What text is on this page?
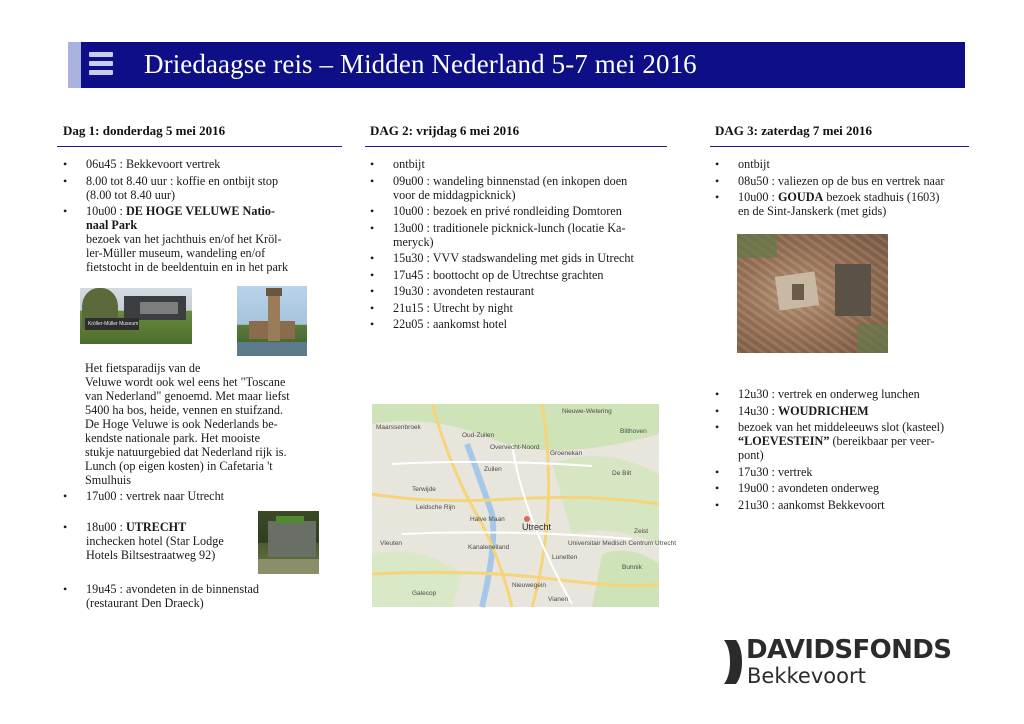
Driedaagse reis – Midden Nederland 5-7 mei 2016
Dag 1: donderdag 5 mei 2016	DAG 2: vrijdag 6 mei 2016	DAG 3: zaterdag 7 mei 2016
• 06u45 : Bekkevoort vertrek
• 8.00 tot 8.40 uur : koffie en ontbijt stop
(8.00 tot 8.40 uur)
• 10u00 : DE HOGE VELUWE Natio-
naal Park
bezoek van het jachthuis en/of het Kröl-
ler-Müller museum, wandeling en/of
fietstocht in de beeldentuin en in het park
Kröller-Müller Museum

Het fietsparadijs van de
Veluwe wordt ook wel eens het "Toscane
van Nederland" genoemd. Met maar liefst
5400 ha bos, heide, vennen en stuifzand.
De Hoge Veluwe is ook Nederlands be-
kendste nationale park. Het mooiste
stukje natuurgebied dat Nederland rijk is.
Lunch (op eigen kosten) in Cafetaria 't
Smulhuis

• 17u00 : vertrek naar Utrecht
• 18u00 : UTRECHT
inchecken hotel (Star Lodge
Hotels Biltsestraatweg 92)
• 19u45 : avondeten in de binnenstad
(restaurant Den Draeck)
• ontbijt
• 09u00 : wandeling binnenstad (en inkopen doen
voor de middagpicknick)
• 10u00 : bezoek en privé rondleiding Domtoren
• 13u00 : traditionele picknick-lunch (locatie Ka-
meryck)
• 15u30 : VVV stadswandeling met gids in Utrecht
• 17u45 : boottocht op de Utrechtse grachten
• 19u30 : avondeten restaurant
• 21u15 : Utrecht by night
• 22u05 : aankomst hotel
Nieuwe-Wetering
Maarssenbroek
Oud-Zuilen
Overvecht-Noord
Groenekan
Bilthoven
Zuilen
De Bilt
Terwijde
Leidsche Rijn
Halve Maan
Vleuten
Kanaleneiland
Utrecht
Lunetten
Zeist
Bunnik
Nieuwegein
Vianen
Galecop
Universitair Medisch Centrum Utrecht
• ontbijt
• 08u50 : valiezen op de bus en vertrek naar
• 10u00 : GOUDA bezoek stadhuis (1603)
en de Sint-Janskerk (met gids)
• 12u30 : vertrek en onderweg lunchen
• 14u30 : WOUDRICHEM
• bezoek van het middeleeuws slot (kasteel)
“LOEVESTEIN” (bereikbaar per veer-
pont)
• 17u30 : vertrek
• 19u00 : avondeten onderweg
• 21u30 : aankomst Bekkevoort

DAVIDSFONDS

Bekkevoort
